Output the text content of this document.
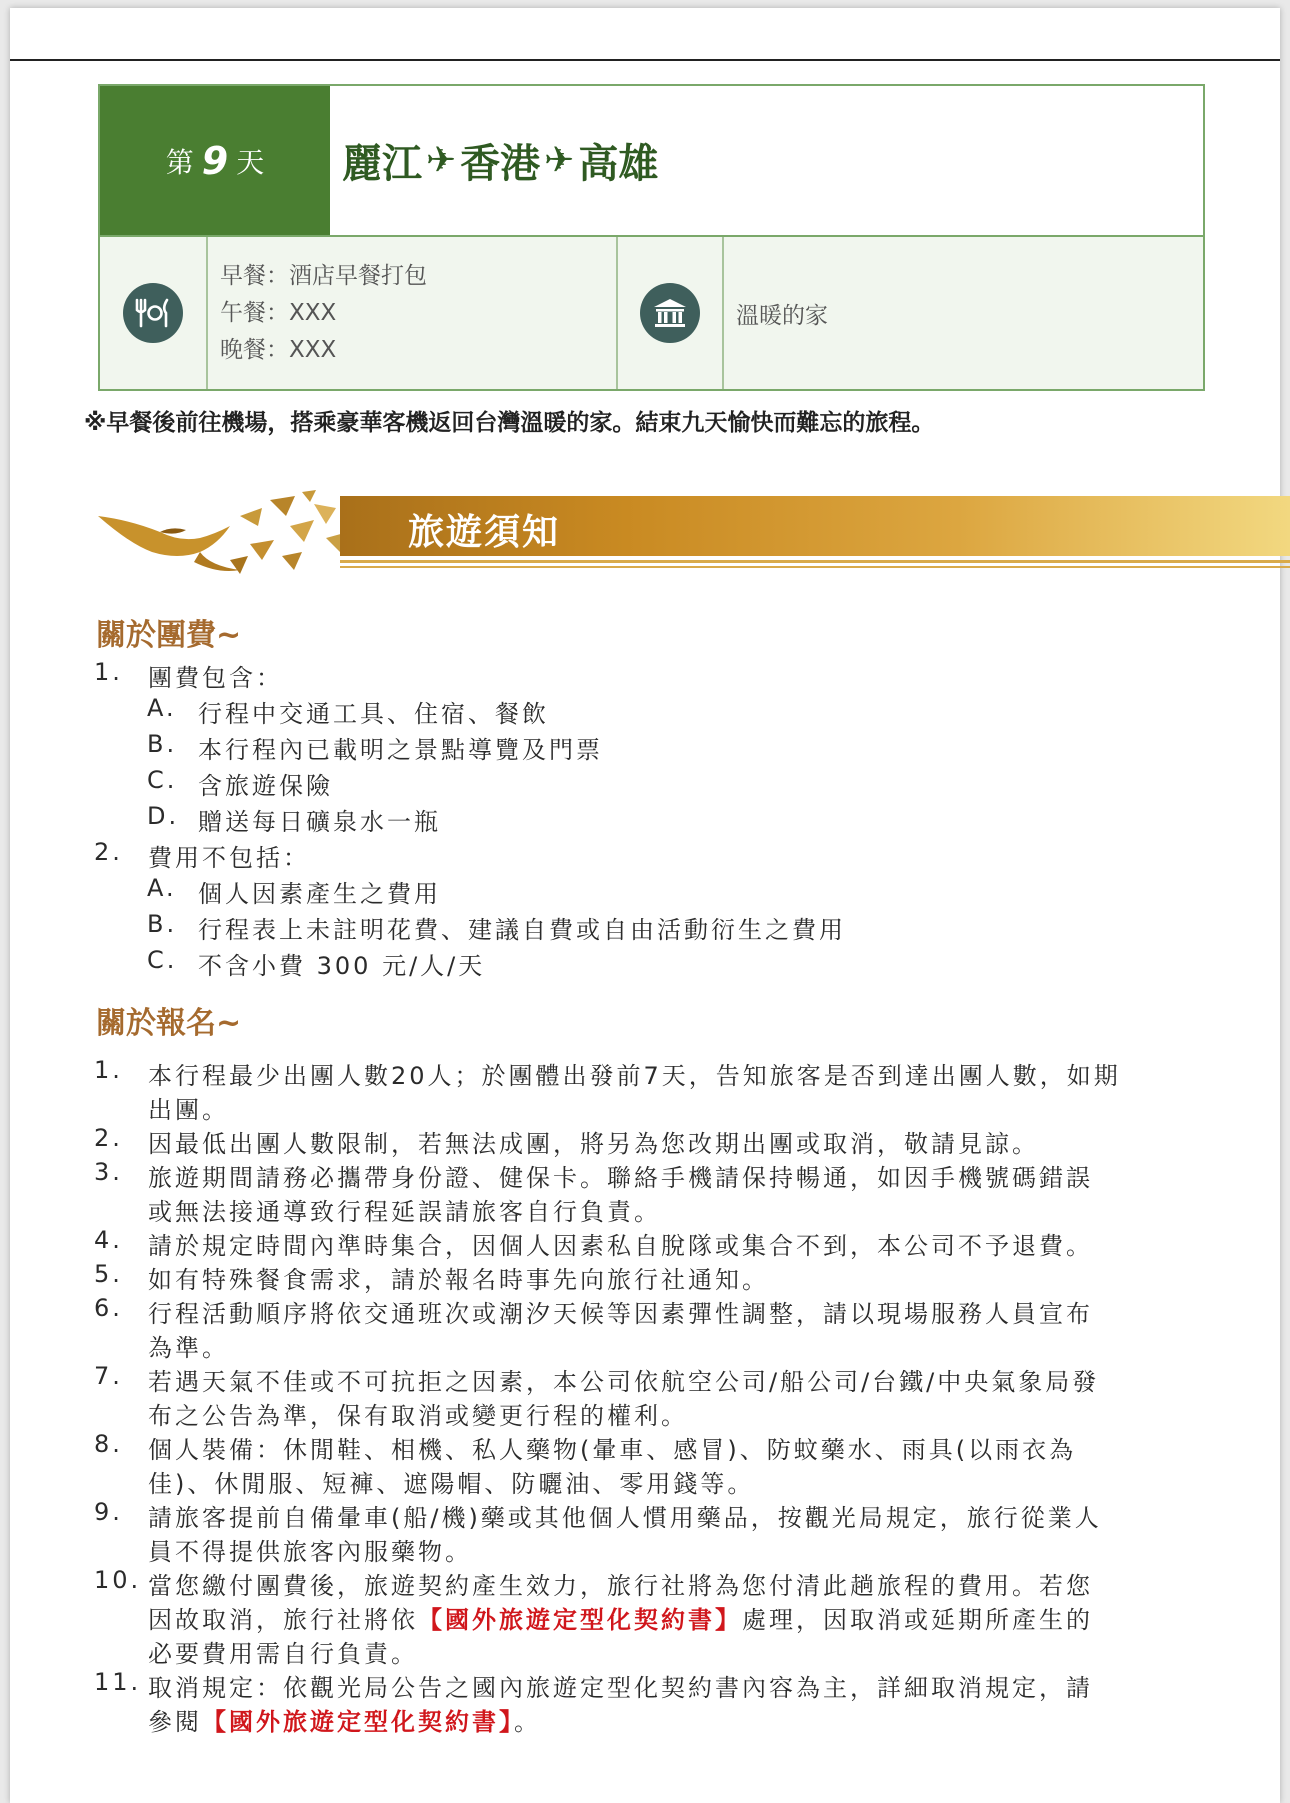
第 9 天 麗江 ✈ 香港 ✈ 高雄
早餐：酒店早餐打包
午餐：XXX
晚餐：XXX
溫暖的家
※早餐後前往機場，搭乘豪華客機返回台灣溫暖的家。結束九天愉快而難忘的旅程。
旅遊須知
關於團費~
1. 團費包含：
A. 行程中交通工具、住宿、餐飲
B. 本行程內已載明之景點導覽及門票
C. 含旅遊保險
D. 贈送每日礦泉水一瓶
2. 費用不包括：
A. 個人因素產生之費用
B. 行程表上未註明花費、建議自費或自由活動衍生之費用
C. 不含小費 300 元/人/天
關於報名~
1. 本行程最少出團人數20人；於團體出發前7天，告知旅客是否到達出團人數，如期
出團。
2. 因最低出團人數限制，若無法成團，將另為您改期出團或取消，敬請見諒。
3. 旅遊期間請務必攜帶身份證、健保卡。聯絡手機請保持暢通，如因手機號碼錯誤
或無法接通導致行程延誤請旅客自行負責。
4. 請於規定時間內準時集合，因個人因素私自脫隊或集合不到，本公司不予退費。
5. 如有特殊餐食需求，請於報名時事先向旅行社通知。
6. 行程活動順序將依交通班次或潮汐天候等因素彈性調整，請以現場服務人員宣布
為準。
7. 若遇天氣不佳或不可抗拒之因素，本公司依航空公司/船公司/台鐵/中央氣象局發
布之公告為準，保有取消或變更行程的權利。
8. 個人裝備：休閒鞋、相機、私人藥物(暈車、感冒)、防蚊藥水、雨具(以雨衣為
佳)、休閒服、短褲、遮陽帽、防曬油、零用錢等。
9. 請旅客提前自備暈車(船/機)藥或其他個人慣用藥品，按觀光局規定，旅行從業人
員不得提供旅客內服藥物。
10. 當您繳付團費後，旅遊契約產生效力，旅行社將為您付清此趟旅程的費用。若您
因故取消，旅行社將依【國外旅遊定型化契約書】處理，因取消或延期所產生的
必要費用需自行負責。
11. 取消規定：依觀光局公告之國內旅遊定型化契約書內容為主，詳細取消規定，請
參閱【國外旅遊定型化契約書】。
